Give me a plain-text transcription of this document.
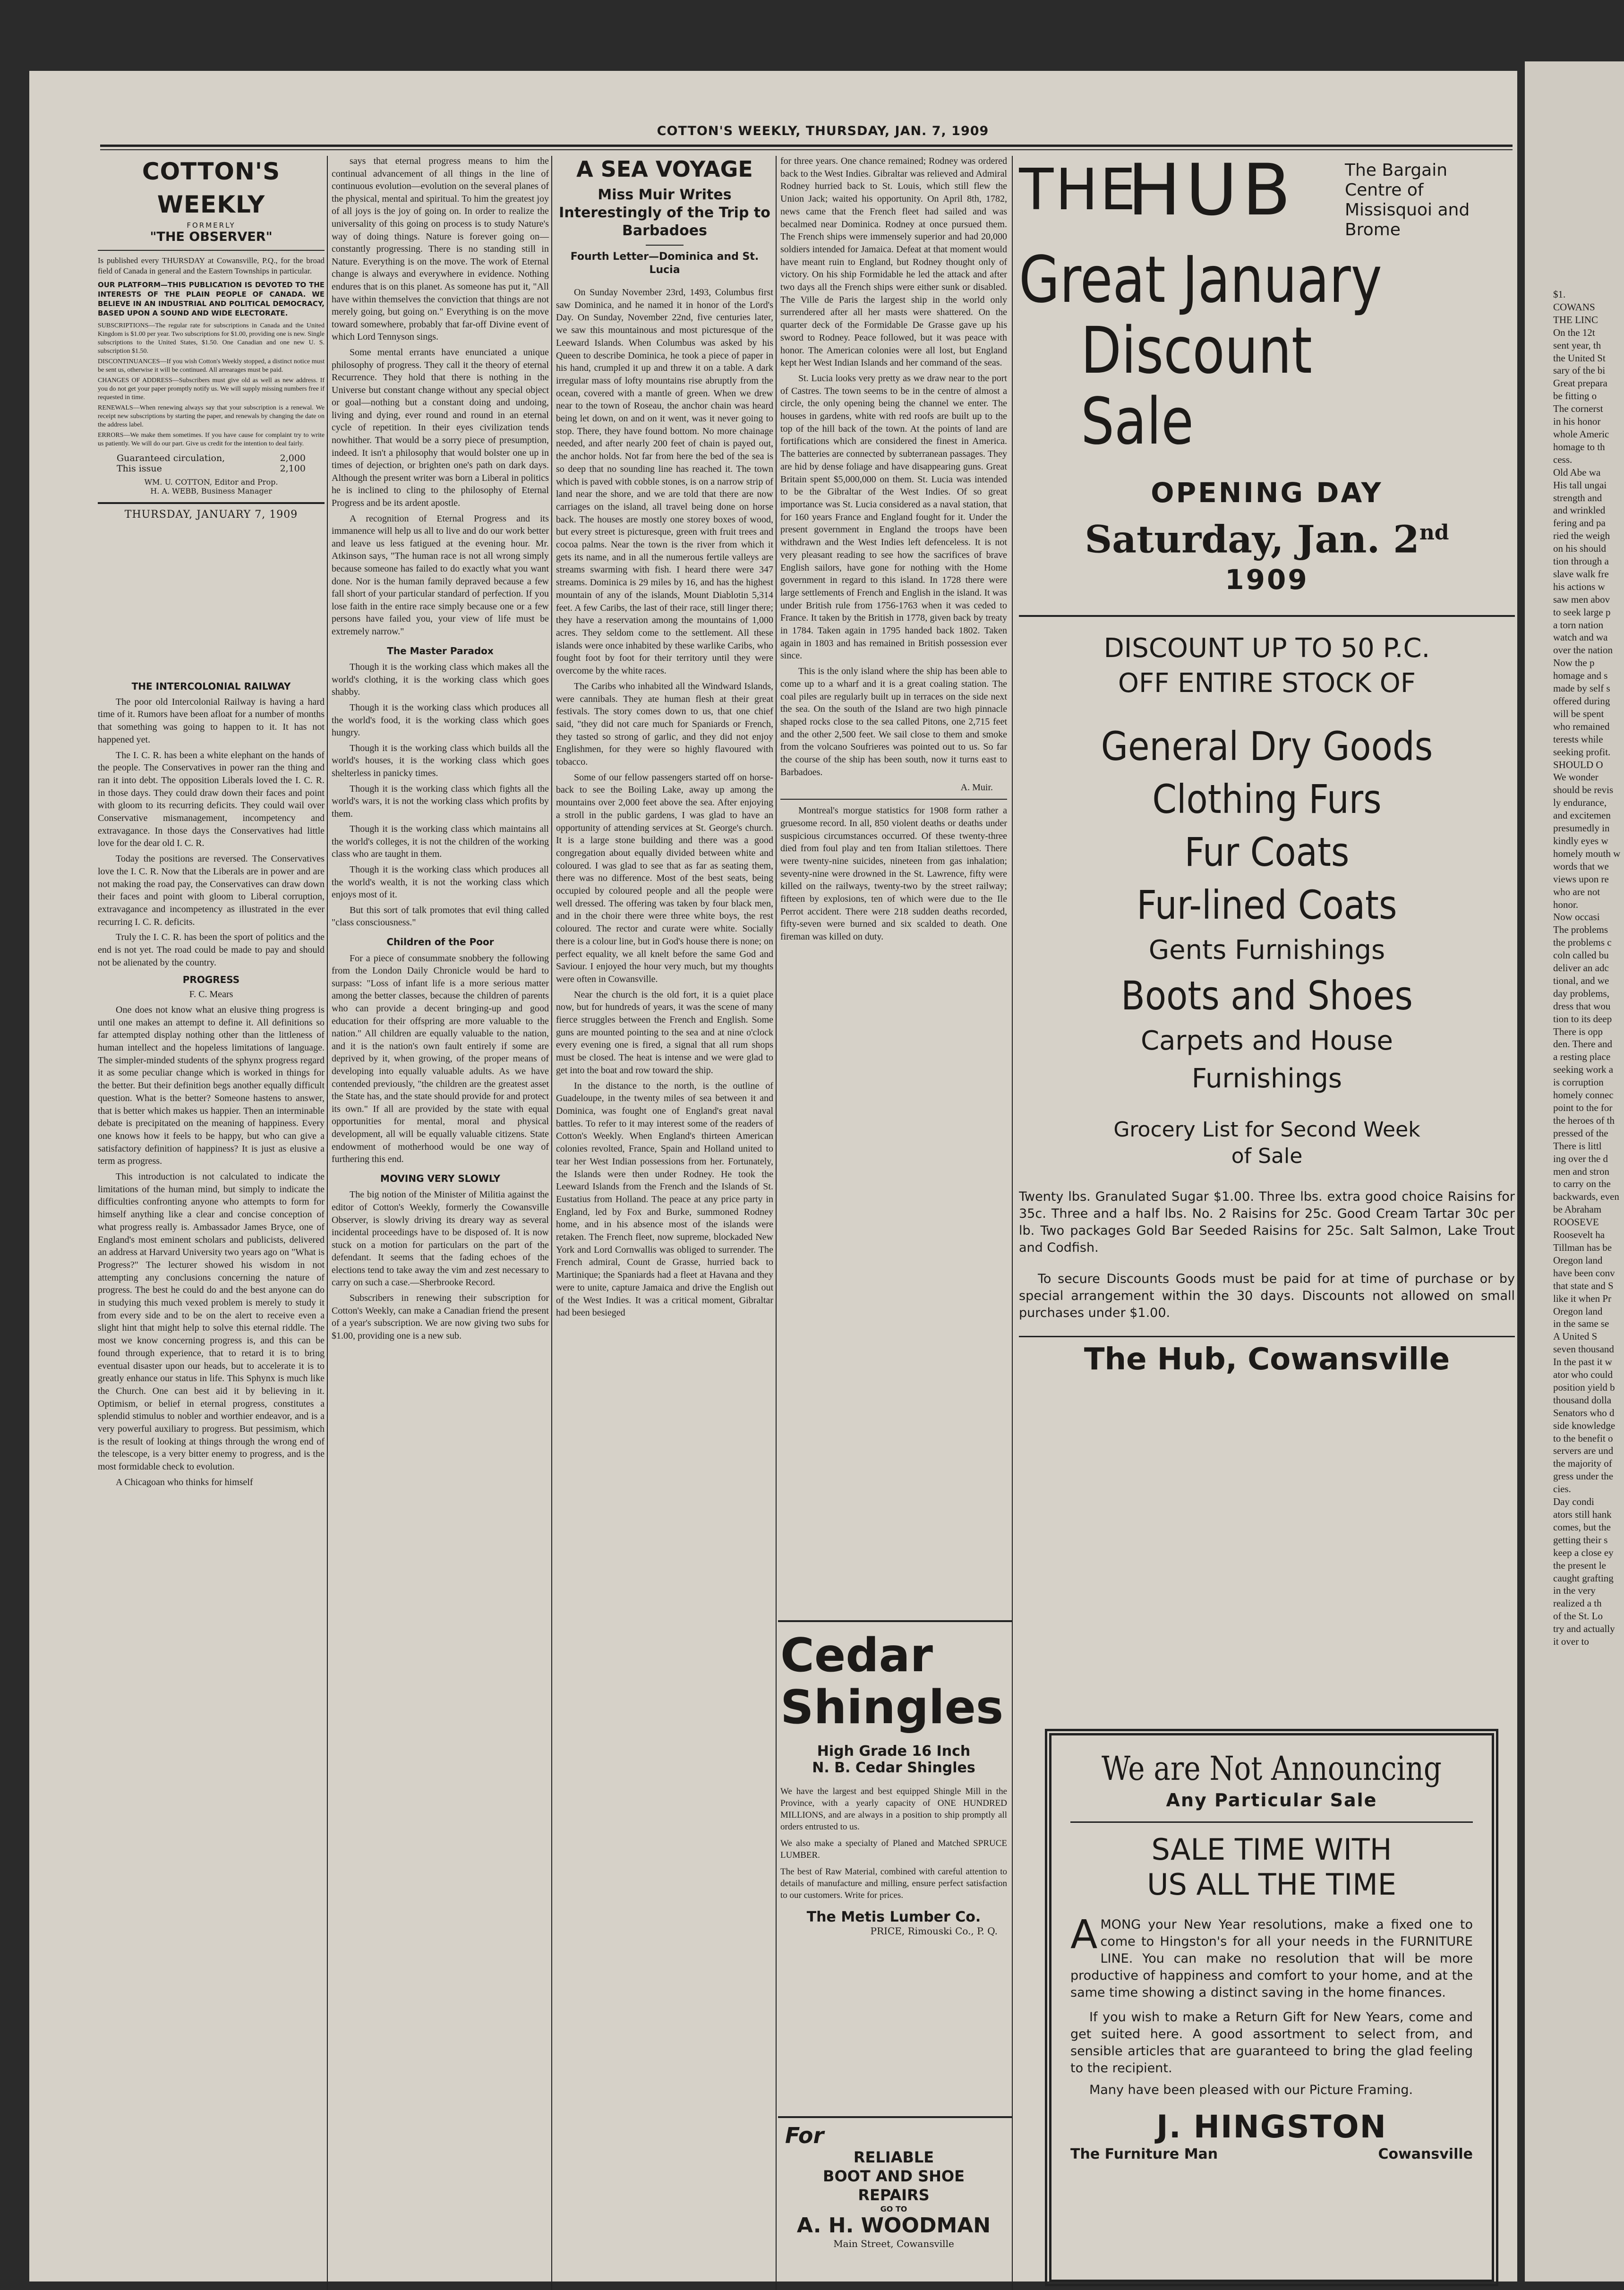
COTTON'S WEEKLY, THURSDAY, JAN. 7, 1909
COTTON'S WEEKLY
FORMERLY
"THE OBSERVER"
Is published every THURSDAY at Cowansville, P.Q., for the broad field of Canada in general and the Eastern Townships in particular.
OUR PLATFORM—THIS PUBLICATION IS DEVOTED TO THE INTERESTS OF THE PLAIN PEOPLE OF CANADA. WE BELIEVE IN AN INDUSTRIAL AND POLITICAL DEMOCRACY, BASED UPON A SOUND AND WIDE ELECTORATE.
SUBSCRIPTIONS—The regular rate for subscriptions in Canada and the United Kingdom is $1.00 per year. Two subscriptions for $1.00, providing one is new. Single subscriptions to the United States, $1.50. One Canadian and one new U. S. subscription $1.50.
DISCONTINUANCES—If you wish Cotton's Weekly stopped, a distinct notice must be sent us, otherwise it will be continued. All arrearages must be paid.
CHANGES OF ADDRESS—Subscribers must give old as well as new address. If you do not get your paper promptly notify us. We will supply missing numbers free if requested in time.
RENEWALS—When renewing always say that your subscription is a renewal. We receipt new subscriptions by starting the paper, and renewals by changing the date on the address label.
ERRORS—We make them sometimes. If you have cause for complaint try to write us patiently. We will do our part. Give us credit for the intention to deal fairly.
Guaranteed circulation,	2,000
This issue	2,100
WM. U. COTTON, Editor and Prop.
H. A. WEBB, Business Manager
THURSDAY, JANUARY 7, 1909
THE INTERCOLONIAL RAILWAY

The poor old Intercolonial Railway is having a hard time of it. Rumors have been afloat for a number of months that something was going to happen to it. It has not happened yet.

The I. C. R. has been a white elephant on the hands of the people. The Conservatives in power ran the thing and ran it into debt. The opposition Liberals loved the I. C. R. in those days. They could draw down their faces and point with gloom to its recurring deficits. They could wail over Conservative mismanagement, incompetency and extravagance. In those days the Conservatives had little love for the dear old I. C. R.

Today the positions are reversed. The Conservatives love the I. C. R. Now that the Liberals are in power and are not making the road pay, the Conservatives can draw down their faces and point with gloom to Liberal corruption, extravagance and incompetency as illustrated in the ever recurring I. C. R. deficits.

Truly the I. C. R. has been the sport of politics and the end is not yet. The road could be made to pay and should not be alienated by the country.

PROGRESS
F. C. Mears

One does not know what an elusive thing progress is until one makes an attempt to define it. All definitions so far attempted display nothing other than the littleness of human intellect and the hopeless limitations of language. The simpler-minded students of the sphynx progress regard it as some peculiar change which is worked in things for the better. But their definition begs another equally difficult question. What is the better? Someone hastens to answer, that is better which makes us happier. Then an interminable debate is precipitated on the meaning of happiness. Every one knows how it feels to be happy, but who can give a satisfactory definition of happiness? It is just as elusive a term as progress.

This introduction is not calculated to indicate the limitations of the human mind, but simply to indicate the difficulties confronting anyone who attempts to form for himself anything like a clear and concise conception of what progress really is. Ambassador James Bryce, one of England's most eminent scholars and publicists, delivered an address at Harvard University two years ago on "What is Progress?" The lecturer showed his wisdom in not attempting any conclusions concerning the nature of progress. The best he could do and the best anyone can do in studying this much vexed problem is merely to study it from every side and to be on the alert to receive even a slight hint that might help to solve this eternal riddle. The most we know concerning progress is, and this can be found through experience, that to retard it is to bring eventual disaster upon our heads, but to accelerate it is to greatly enhance our status in life. This Sphynx is much like the Church. One can best aid it by believing in it. Optimism, or belief in eternal progress, constitutes a splendid stimulus to nobler and worthier endeavor, and is a very powerful auxiliary to progress. But pessimism, which is the result of looking at things through the wrong end of the telescope, is a very bitter enemy to progress, and is the most formidable check to evolution.

A Chicagoan who thinks for himself

says that eternal progress means to him the continual advancement of all things in the line of continuous evolution—evolution on the several planes of the physical, mental and spiritual. To him the greatest joy of all joys is the joy of going on. In order to realize the universality of this going on process is to study Nature's way of doing things. Nature is forever going on—constantly progressing. There is no standing still in Nature. Everything is on the move. The work of Eternal change is always and everywhere in evidence. Nothing endures that is on this planet. As someone has put it, "All have within themselves the conviction that things are not merely going, but going on." Everything is on the move toward somewhere, probably that far-off Divine event of which Lord Tennyson sings.

Some mental errants have enunciated a unique philosophy of progress. They call it the theory of eternal Recurrence. They hold that there is nothing in the Universe but constant change without any special object or goal—nothing but a constant doing and undoing, living and dying, ever round and round in an eternal cycle of repetition. In their eyes civilization tends nowhither. That would be a sorry piece of presumption, indeed. It isn't a philosophy that would bolster one up in times of dejection, or brighten one's path on dark days. Although the present writer was born a Liberal in politics he is inclined to cling to the philosophy of Eternal Progress and be its ardent apostle.

A recognition of Eternal Progress and its immanence will help us all to live and do our work better and leave us less fatigued at the evening hour. Mr. Atkinson says, "The human race is not all wrong simply because someone has failed to do exactly what you want done. Nor is the human family depraved because a few fall short of your particular standard of perfection. If you lose faith in the entire race simply because one or a few persons have failed you, your view of life must be extremely narrow."

The Master Paradox

Though it is the working class which makes all the world's clothing, it is the working class which goes shabby.

Though it is the working class which produces all the world's food, it is the working class which goes hungry.

Though it is the working class which builds all the world's houses, it is the working class which goes shelterless in panicky times.

Though it is the working class which fights all the world's wars, it is not the working class which profits by them.

Though it is the working class which maintains all the world's colleges, it is not the children of the working class who are taught in them.

Though it is the working class which produces all the world's wealth, it is not the working class which enjoys most of it.

But this sort of talk promotes that evil thing called "class consciousness."

Children of the Poor

For a piece of consummate snobbery the following from the London Daily Chronicle would be hard to surpass: "Loss of infant life is a more serious matter among the better classes, because the children of parents who can provide a decent bringing-up and good education for their offspring are more valuable to the nation." All children are equally valuable to the nation, and it is the nation's own fault entirely if some are deprived by it, when growing, of the proper means of developing into equally valuable adults. As we have contended previously, "the children are the greatest asset the State has, and the state should provide for and protect its own." If all are provided by the state with equal opportunities for mental, moral and physical development, all will be equally valuable citizens. State endowment of motherhood would be one way of furthering this end.

MOVING VERY SLOWLY

The big notion of the Minister of Militia against the editor of Cotton's Weekly, formerly the Cowansville Observer, is slowly driving its dreary way as several incidental proceedings have to be disposed of. It is now stuck on a motion for particulars on the part of the defendant. It seems that the fading echoes of the elections tend to take away the vim and zest necessary to carry on such a case.—Sherbrooke Record.

Subscribers in renewing their subscription for Cotton's Weekly, can make a Canadian friend the present of a year's subscription. We are now giving two subs for $1.00, providing one is a new sub.

A SEA VOYAGE
Miss Muir Writes Interestingly of the Trip to Barbadoes
Fourth Letter—Dominica and St. Lucia

On Sunday November 23rd, 1493, Columbus first saw Dominica, and he named it in honor of the Lord's Day. On Sunday, November 22nd, five centuries later, we saw this mountainous and most picturesque of the Leeward Islands. When Columbus was asked by his Queen to describe Dominica, he took a piece of paper in his hand, crumpled it up and threw it on a table. A dark irregular mass of lofty mountains rise abruptly from the ocean, covered with a mantle of green. When we drew near to the town of Roseau, the anchor chain was heard being let down, on and on it went, was it never going to stop. There, they have found bottom. No more chainage needed, and after nearly 200 feet of chain is payed out, the anchor holds. Not far from here the bed of the sea is so deep that no sounding line has reached it. The town which is paved with cobble stones, is on a narrow strip of land near the shore, and we are told that there are now carriages on the island, all travel being done on horse back. The houses are mostly one storey boxes of wood, but every street is picturesque, green with fruit trees and cocoa palms. Near the town is the river from which it gets its name, and in all the numerous fertile valleys are streams swarming with fish. I heard there were 347 streams. Dominica is 29 miles by 16, and has the highest mountain of any of the islands, Mount Diablotin 5,314 feet. A few Caribs, the last of their race, still linger there; they have a reservation among the mountains of 1,000 acres. They seldom come to the settlement. All these islands were once inhabited by these warlike Caribs, who fought foot by foot for their territory until they were overcome by the white races.

The Caribs who inhabited all the Windward Islands, were cannibals. They ate human flesh at their great festivals. The story comes down to us, that one chief said, "they did not care much for Spaniards or French, they tasted so strong of garlic, and they did not enjoy Englishmen, for they were so highly flavoured with tobacco.

Some of our fellow passengers started off on horse-back to see the Boiling Lake, away up among the mountains over 2,000 feet above the sea. After enjoying a stroll in the public gardens, I was glad to have an opportunity of attending services at St. George's church. It is a large stone building and there was a good congregation about equally divided between white and coloured. I was glad to see that as far as seating them, there was no difference. Most of the best seats, being occupied by coloured people and all the people were well dressed. The offering was taken by four black men, and in the choir there were three white boys, the rest coloured. The rector and curate were white. Socially there is a colour line, but in God's house there is none; on perfect equality, we all knelt before the same God and Saviour. I enjoyed the hour very much, but my thoughts were often in Cowansville.

Near the church is the old fort, it is a quiet place now, but for hundreds of years, it was the scene of many fierce struggles between the French and English. Some guns are mounted pointing to the sea and at nine o'clock every evening one is fired, a signal that all rum shops must be closed. The heat is intense and we were glad to get into the boat and row toward the ship.

In the distance to the north, is the outline of Guadeloupe, in the twenty miles of sea between it and Dominica, was fought one of England's great naval battles. To refer to it may interest some of the readers of Cotton's Weekly. When England's thirteen American colonies revolted, France, Spain and Holland united to tear her West Indian possessions from her. Fortunately, the Islands were then under Rodney. He took the Leeward Islands from the French and the Islands of St. Eustatius from Holland. The peace at any price party in England, led by Fox and Burke, summoned Rodney home, and in his absence most of the islands were retaken. The French fleet, now supreme, blockaded New York and Lord Cornwallis was obliged to surrender. The French admiral, Count de Grasse, hurried back to Martinique; the Spaniards had a fleet at Havana and they were to unite, capture Jamaica and drive the English out of the West Indies. It was a critical moment, Gibraltar had been besieged

for three years. One chance remained; Rodney was ordered back to the West Indies. Gibraltar was relieved and Admiral Rodney hurried back to St. Louis, which still flew the Union Jack; waited his opportunity. On April 8th, 1782, news came that the French fleet had sailed and was becalmed near Dominica. Rodney at once pursued them. The French ships were immensely superior and had 20,000 soldiers intended for Jamaica. Defeat at that moment would have meant ruin to England, but Rodney thought only of victory. On his ship Formidable he led the attack and after two days all the French ships were either sunk or disabled. The Ville de Paris the largest ship in the world only surrendered after all her masts were shattered. On the quarter deck of the Formidable De Grasse gave up his sword to Rodney. Peace followed, but it was peace with honor. The American colonies were all lost, but England kept her West Indian Islands and her command of the seas.

St. Lucia looks very pretty as we draw near to the port of Castres. The town seems to be in the centre of almost a circle, the only opening being the channel we enter. The houses in gardens, white with red roofs are built up to the top of the hill back of the town. At the points of land are fortifications which are considered the finest in America. The batteries are connected by subterranean passages. They are hid by dense foliage and have disappearing guns. Great Britain spent $5,000,000 on them. St. Lucia was intended to be the Gibraltar of the West Indies. Of so great importance was St. Lucia considered as a naval station, that for 160 years France and England fought for it. Under the present government in England the troops have been withdrawn and the West Indies left defenceless. It is not very pleasant reading to see how the sacrifices of brave English sailors, have gone for nothing with the Home government in regard to this island. In 1728 there were large settlements of French and English in the island. It was under British rule from 1756-1763 when it was ceded to France. It taken by the British in 1778, given back by treaty in 1784. Taken again in 1795 handed back 1802. Taken again in 1803 and has remained in British possession ever since.

This is the only island where the ship has been able to come up to a wharf and it is a great coaling station. The coal piles are regularly built up in terraces on the side next the sea. On the south of the Island are two high pinnacle shaped rocks close to the sea called Pitons, one 2,715 feet and the other 2,500 feet. We sail close to them and smoke from the volcano Soufrieres was pointed out to us. So far the course of the ship has been south, now it turns east to Barbadoes.

A. Muir.

Montreal's morgue statistics for 1908 form rather a gruesome record. In all, 850 violent deaths or deaths under suspicious circumstances occurred. Of these twenty-three died from foul play and ten from Italian stilettoes. There were twenty-nine suicides, nineteen from gas inhalation; seventy-nine were drowned in the St. Lawrence, fifty were killed on the railways, twenty-two by the street railway; fifteen by explosions, ten of which were due to the Ile Perrot accident. There were 218 sudden deaths recorded, fifty-seven were burned and six scalded to death. One fireman was killed on duty.

Cedar
Shingles
High Grade 16 Inch
N. B. Cedar Shingles
We have the largest and best equipped Shingle Mill in the Province, with a yearly capacity of ONE HUNDRED MILLIONS, and are always in a position to ship promptly all orders entrusted to us.
We also make a specialty of Planed and Matched SPRUCE LUMBER.
The best of Raw Material, combined with careful attention to details of manufacture and milling, ensure perfect satisfaction to our customers. Write for prices.
The Metis Lumber Co.
PRICE, Rimouski Co., P. Q.
For
RELIABLE
BOOT AND SHOE
REPAIRS
GO TO
A. H. WOODMAN
Main Street, Cowansville
THE
HUB	The Bargain Centre of Missisquoi and Brome
Great January
Discount Sale
OPENING DAY
Saturday, Jan. 2nd
1909
DISCOUNT UP TO 50 P.C.
OFF ENTIRE STOCK OF
General Dry Goods
Clothing Furs
Fur Coats
Fur-lined Coats
Gents Furnishings
Boots and Shoes
Carpets and House
Furnishings
Grocery List for Second Week
of Sale
Twenty lbs. Granulated Sugar $1.00. Three lbs. extra good choice Raisins for 35c. Three and a half lbs. No. 2 Raisins for 25c. Good Cream Tartar 30c per lb. Two packages Gold Bar Seeded Raisins for 25c. Salt Salmon, Lake Trout and Codfish.
To secure Discounts Goods must be paid for at time of purchase or by special arrangement within the 30 days. Discounts not allowed on small purchases under $1.00.
The Hub, Cowansville
We are Not Announcing
Any Particular Sale
SALE TIME WITH
US ALL THE TIME
AMONG your New Year resolutions, make a fixed one to come to Hingston's for all your needs in the FURNITURE LINE. You can make no resolution that will be more productive of happiness and comfort to your home, and at the same time showing a distinct saving in the home finances.
If you wish to make a Return Gift for New Years, come and get suited here. A good assortment to select from, and sensible articles that are guaranteed to bring the glad feeling to the recipient.
Many have been pleased with our Picture Framing.
J. HINGSTON
The Furniture Man	Cowansville
$1.
COWANS
THE LINC
On the 12t
sent year, th
the United St
sary of the bi
Great prepara
be fitting o
The cornerst
in his honor
whole Americ
homage to th
cess.
Old Abe wa
His tall ungai
strength and
and wrinkled
fering and pa
ried the weigh
on his should
tion through a
slave walk fre
his actions w
saw men abov
to seek large p
a torn nation
watch and wa
over the nation
Now the p
homage and s
made by self s
offered during
will be spent
who remained
terests while
seeking profit.
SHOULD O
We wonder
should be revis
ly endurance,
and excitemen
presumedly in
kindly eyes w
homely mouth w
words that we
views upon re
who are not
honor.
Now occasi
The problems
the problems c
coln called bu
deliver an adc
tional, and we
day problems,
dress that wou
tion to its deep
There is opp
den. There and
a resting place
seeking work a
is corruption
homely connec
point to the for
the heroes of th
pressed of the
There is littl
ing over the d
men and stron
to carry on the
backwards, even
be Abraham
ROOSEVE
Roosevelt ha
Tillman has be
Oregon land
have been conv
that state and S
like it when Pr
Oregon land
in the same se
A United S
seven thousand
In the past it w
ator who could
position yield b
thousand dolla
Senators who d
side knowledge
to the benefit o
servers are und
the majority of
gress under the
cies.
Day condi
ators still hank
comes, but the
getting their s
keep a close ey
the present le
caught grafting
in the very
realized a th
of the St. Lo
try and actually
it over to
